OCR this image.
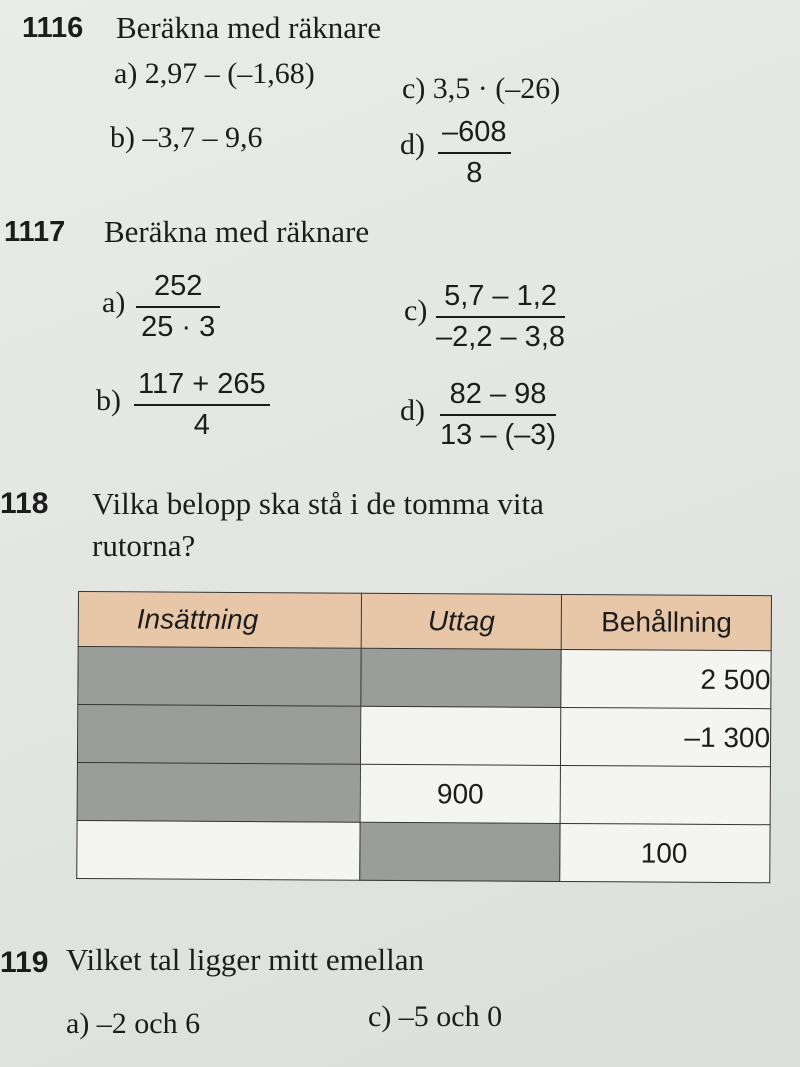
1116 Beräkna med räknare
a) 2,97 – (–1,68)	c) 3,5 · (–26)
b) –3,7 – 9,6	$d) \frac{-608}{8}$
1117 Beräkna med räknare
$a) \frac{252}{25 \cdot 3}$	$c) \frac{5,7 - 1,2}{-2,2 - 3,8}$
$b) \frac{117 + 265}{4}$	$d) \frac{82 - 98}{13 - (-3)}$
118 Vilka belopp ska stå i de tomma vita
rutorna?
Insättning	Uttag	Behållning
		2 500
		–1 300
	900	
		100
119 Vilket tal ligger mitt emellan
a) –2 och 6	c) –5 och 0
